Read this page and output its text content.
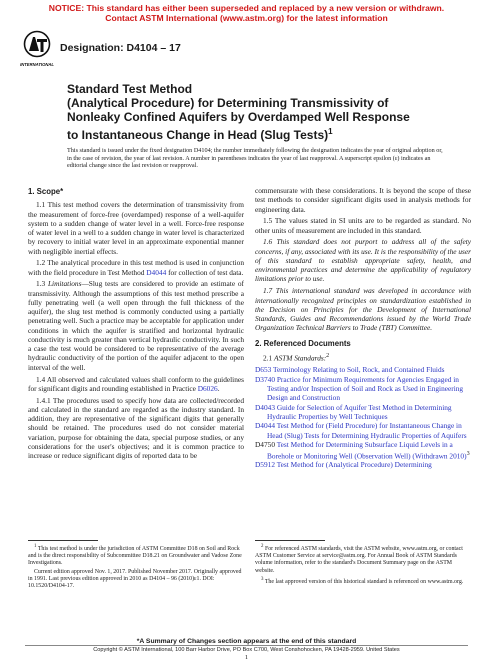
NOTICE: This standard has either been superseded and replaced by a new version or withdrawn.
Contact ASTM International (www.astm.org) for the latest information
INTERNATIONAL
Designation: D4104 – 17
Standard Test Method
(Analytical Procedure) for Determining Transmissivity of
Nonleaky Confined Aquifers by Overdamped Well Response
to Instantaneous Change in Head (Slug Tests)$^1$

This standard is issued under the fixed designation D4104; the number immediately following the designation indicates the year of original adoption or, in the case of revision, the year of last revision. A number in parentheses indicates the year of last reapproval. A superscript epsilon (ε) indicates an editorial change since the last revision or reapproval.

1. Scope*

1.1 This test method covers the determination of transmissivity from the measurement of force-free (overdamped) response of a well-aquifer system to a sudden change of water level in a well. Force-free response of water level in a well to a sudden change in water level is characterized by recovery to initial water level in an approximate exponential manner with negligible inertial effects.

1.2 The analytical procedure in this test method is used in conjunction with the field procedure in Test Method D4044 for collection of test data.

1.3 Limitations—Slug tests are considered to provide an estimate of transmissivity. Although the assumptions of this test method prescribe a fully penetrating well (a well open through the full thickness of the aquifer), the slug test method is commonly conducted using a partially penetrating well. Such a practice may be acceptable for application under conditions in which the aquifer is stratified and horizontal hydraulic conductivity is much greater than vertical hydraulic conductivity. In such a case the test would be considered to be representative of the average hydraulic conductivity of the portion of the aquifer adjacent to the open interval of the well.

1.4 All observed and calculated values shall conform to the guidelines for significant digits and rounding established in Practice D6026.

1.4.1 The procedures used to specify how data are collected/recorded and calculated in the standard are regarded as the industry standard. In addition, they are representative of the significant digits that generally should be retained. The procedures used do not consider material variation, purpose for obtaining the data, special purpose studies, or any considerations for the user's objectives; and it is common practice to increase or reduce significant digits of reported data to be

commensurate with these considerations. It is beyond the scope of these test methods to consider significant digits used in analysis methods for engineering data.

1.5 The values stated in SI units are to be regarded as standard. No other units of measurement are included in this standard.

1.6 This standard does not purport to address all of the safety concerns, if any, associated with its use. It is the responsibility of the user of this standard to establish appropriate safety, health, and environmental practices and determine the applicability of regulatory limitations prior to use.

1.7 This international standard was developed in accordance with internationally recognized principles on standardization established in the Decision on Principles for the Development of International Standards, Guides and Recommendations issued by the World Trade Organization Technical Barriers to Trade (TBT) Committee.

2. Referenced Documents

2.1 ASTM Standards:$^2$

D653 Terminology Relating to Soil, Rock, and Contained Fluids
D3740 Practice for Minimum Requirements for Agencies Engaged in Testing and/or Inspection of Soil and Rock as Used in Engineering Design and Construction
D4043 Guide for Selection of Aquifer Test Method in Determining Hydraulic Properties by Well Techniques
D4044 Test Method for (Field Procedure) for Instantaneous Change in Head (Slug) Tests for Determining Hydraulic Properties of Aquifers
D4750 Test Method for Determining Subsurface Liquid Levels in a Borehole or Monitoring Well (Observation Well) (Withdrawn 2010)$^3$
D5912 Test Method for (Analytical Procedure) Determining

$^1$ This test method is under the jurisdiction of ASTM Committee D18 on Soil and Rock and is the direct responsibility of Subcommittee D18.21 on Groundwater and Vadose Zone Investigations.

Current edition approved Nov. 1, 2017. Published November 2017. Originally approved in 1991. Last previous edition approved in 2010 as D4104 – 96 (2010)ε1. DOI: 10.1520/D4104-17.

$^2$ For referenced ASTM standards, visit the ASTM website, www.astm.org, or contact ASTM Customer Service at service@astm.org. For Annual Book of ASTM Standards volume information, refer to the standard's Document Summary page on the ASTM website.

$^3$ The last approved version of this historical standard is referenced on www.astm.org.

*A Summary of Changes section appears at the end of this standard
Copyright © ASTM International, 100 Barr Harbor Drive, PO Box C700, West Conshohocken, PA 19428-2959. United States
1
